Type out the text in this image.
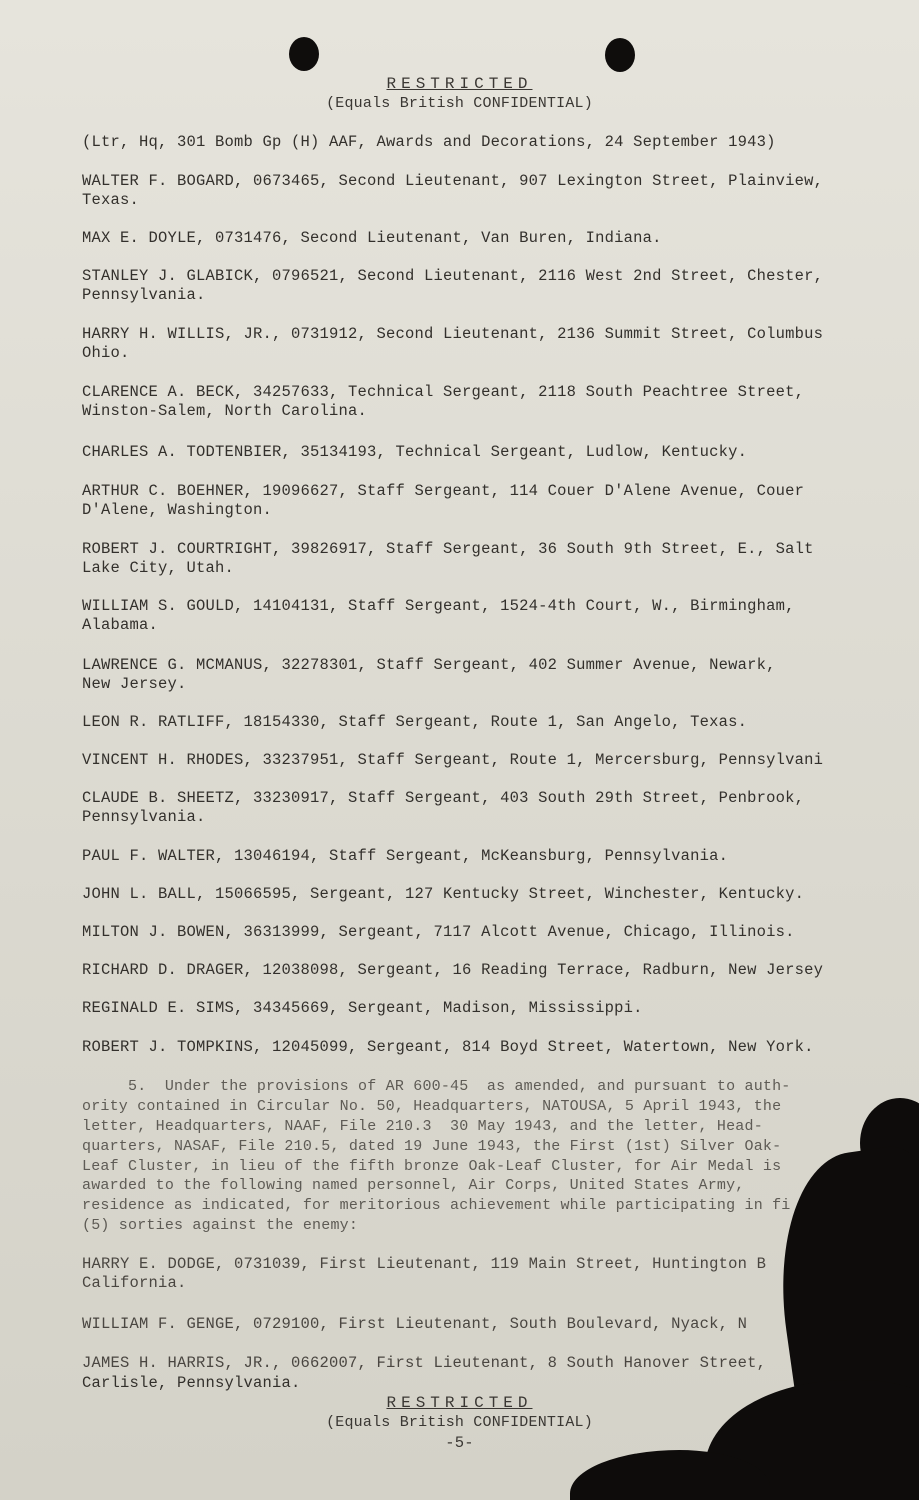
RESTRICTED
(Equals British CONFIDENTIAL)
(Ltr, Hq, 301 Bomb Gp (H) AAF, Awards and Decorations, 24 September 1943)
WALTER F. BOGARD, 0673465, Second Lieutenant, 907 Lexington Street, Plainview,
Texas.
MAX E. DOYLE, 0731476, Second Lieutenant, Van Buren, Indiana.
STANLEY J. GLABICK, 0796521, Second Lieutenant, 2116 West 2nd Street, Chester,
Pennsylvania.
HARRY H. WILLIS, JR., 0731912, Second Lieutenant, 2136 Summit Street, Columbus
Ohio.
CLARENCE A. BECK, 34257633, Technical Sergeant, 2118 South Peachtree Street,
Winston-Salem, North Carolina.
CHARLES A. TODTENBIER, 35134193, Technical Sergeant, Ludlow, Kentucky.
ARTHUR C. BOEHNER, 19096627, Staff Sergeant, 114 Couer D'Alene Avenue, Couer
D'Alene, Washington.
ROBERT J. COURTRIGHT, 39826917, Staff Sergeant, 36 South 9th Street, E., Salt
Lake City, Utah.
WILLIAM S. GOULD, 14104131, Staff Sergeant, 1524-4th Court, W., Birmingham,
Alabama.
LAWRENCE G. MCMANUS, 32278301, Staff Sergeant, 402 Summer Avenue, Newark,
New Jersey.
LEON R. RATLIFF, 18154330, Staff Sergeant, Route 1, San Angelo, Texas.
VINCENT H. RHODES, 33237951, Staff Sergeant, Route 1, Mercersburg, Pennsylvani
CLAUDE B. SHEETZ, 33230917, Staff Sergeant, 403 South 29th Street, Penbrook,
Pennsylvania.
PAUL F. WALTER, 13046194, Staff Sergeant, McKeansburg, Pennsylvania.
JOHN L. BALL, 15066595, Sergeant, 127 Kentucky Street, Winchester, Kentucky.
MILTON J. BOWEN, 36313999, Sergeant, 7117 Alcott Avenue, Chicago, Illinois.
RICHARD D. DRAGER, 12038098, Sergeant, 16 Reading Terrace, Radburn, New Jersey
REGINALD E. SIMS, 34345669, Sergeant, Madison, Mississippi.
ROBERT J. TOMPKINS, 12045099, Sergeant, 814 Boyd Street, Watertown, New York.
5.  Under the provisions of AR 600-45  as amended, and pursuant to auth-
ority contained in Circular No. 50, Headquarters, NATOUSA, 5 April 1943, the
letter, Headquarters, NAAF, File 210.3  30 May 1943, and the letter, Head-
quarters, NASAF, File 210.5, dated 19 June 1943, the First (1st) Silver Oak-
Leaf Cluster, in lieu of the fifth bronze Oak-Leaf Cluster, for Air Medal is
awarded to the following named personnel, Air Corps, United States Army,
residence as indicated, for meritorious achievement while participating in fi
(5) sorties against the enemy:
HARRY E. DODGE, 0731039, First Lieutenant, 119 Main Street, Huntington B
California.
WILLIAM F. GENGE, 0729100, First Lieutenant, South Boulevard, Nyack, N
JAMES H. HARRIS, JR., 0662007, First Lieutenant, 8 South Hanover Street,
Carlisle, Pennsylvania.
RESTRICTED
(Equals British CONFIDENTIAL)
-5-
